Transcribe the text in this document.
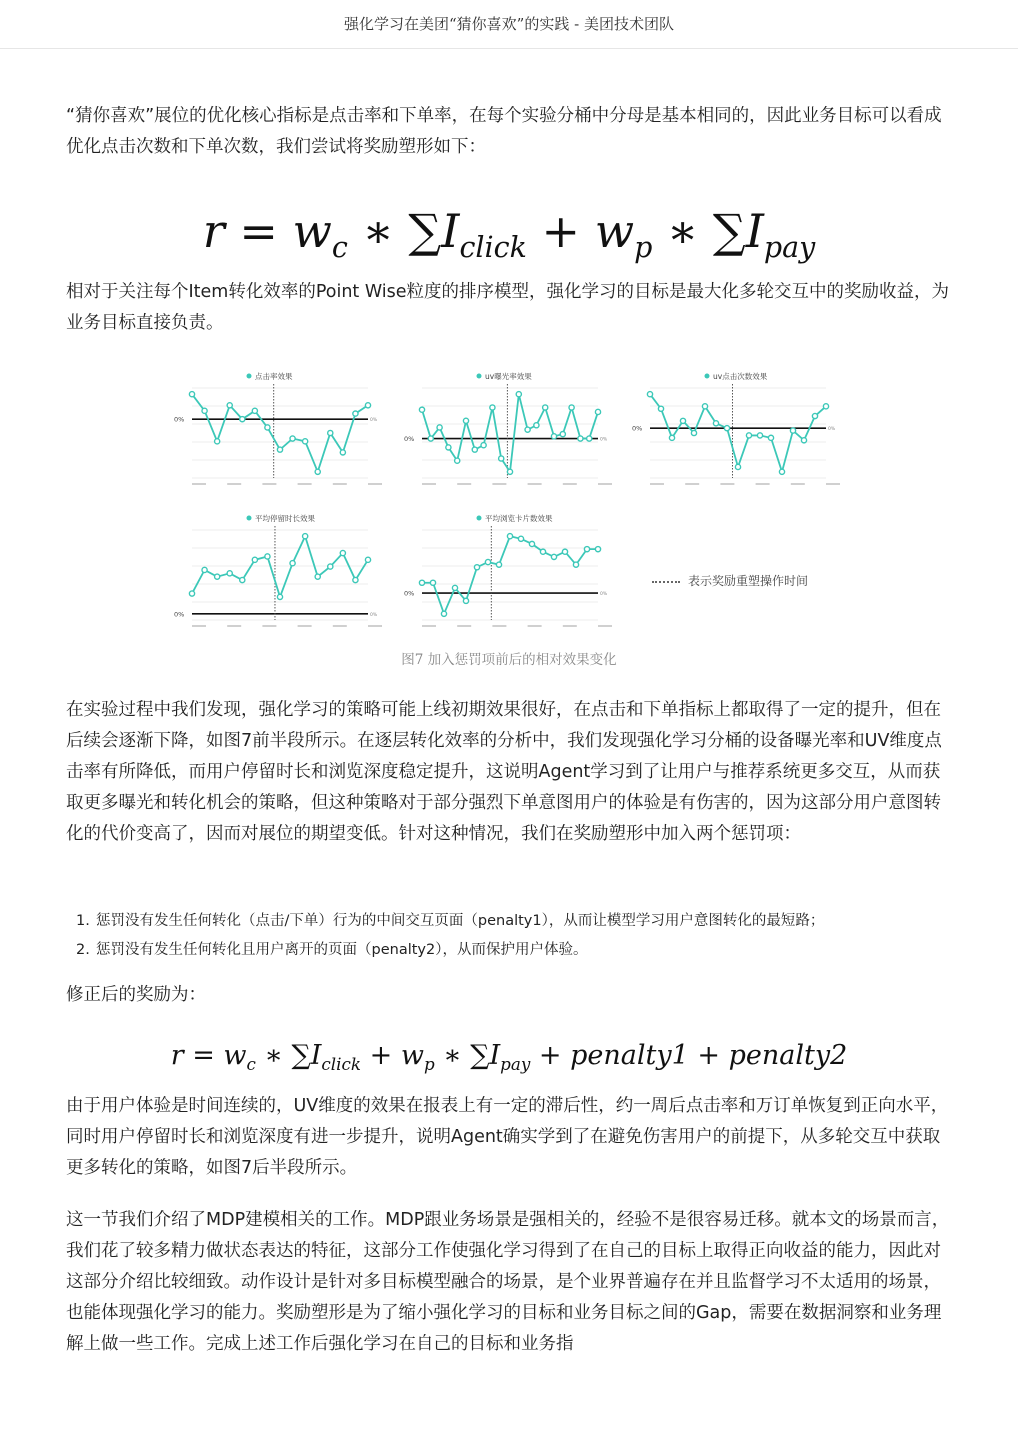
强化学习在美团“猜你喜欢”的实践 - 美团技术团队

“猜你喜欢”展位的优化核心指标是点击率和下单率，在每个实验分桶中分母是基本相同的，因此业务目标可以看成优化点击次数和下单次数，我们尝试将奖励塑形如下：

$r = w_c$ ∗ $\sum I_{click} + w_p$ ∗ $\sum I_{pay}$

相对于关注每个Item转化效率的Point Wise粒度的排序模型，强化学习的目标是最大化多轮交互中的奖励收益，为业务目标直接负责。

点击率效果
0%	0%
uv曝光率效果
0%	0%
uv点击次数效果
0%	0%
平均停留时长效果
0%	0%
平均浏览卡片数效果
0%	0%
表示奖励重塑操作时间
图7 加入惩罚项前后的相对效果变化

在实验过程中我们发现，强化学习的策略可能上线初期效果很好，在点击和下单指标上都取得了一定的提升，但在后续会逐渐下降，如图7前半段所示。在逐层转化效率的分析中，我们发现强化学习分桶的设备曝光率和UV维度点击率有所降低，而用户停留时长和浏览深度稳定提升，这说明Agent学习到了让用户与推荐系统更多交互，从而获取更多曝光和转化机会的策略，但这种策略对于部分强烈下单意图用户的体验是有伤害的，因为这部分用户意图转化的代价变高了，因而对展位的期望变低。针对这种情况，我们在奖励塑形中加入两个惩罚项：

1. 惩罚没有发生任何转化（点击/下单）行为的中间交互页面（penalty1），从而让模型学习用户意图转化的最短路；
2. 惩罚没有发生任何转化且用户离开的页面（penalty2），从而保护用户体验。

修正后的奖励为：

$r = w_c$ ∗ $\sum I_{click} + w_p$ ∗ $\sum I_{pay}$ + penalty1 + penalty2

由于用户体验是时间连续的，UV维度的效果在报表上有一定的滞后性，约一周后点击率和万订单恢复到正向水平，同时用户停留时长和浏览深度有进一步提升，说明Agent确实学到了在避免伤害用户的前提下，从多轮交互中获取更多转化的策略，如图7后半段所示。

这一节我们介绍了MDP建模相关的工作。MDP跟业务场景是强相关的，经验不是很容易迁移。就本文的场景而言，我们花了较多精力做状态表达的特征，这部分工作使强化学习得到了在自己的目标上取得正向收益的能力，因此对这部分介绍比较细致。动作设计是针对多目标模型融合的场景，是个业界普遍存在并且监督学习不太适用的场景，也能体现强化学习的能力。奖励塑形是为了缩小强化学习的目标和业务目标之间的Gap，需要在数据洞察和业务理解上做一些工作。完成上述工作后强化学习在自己的目标和业务指
